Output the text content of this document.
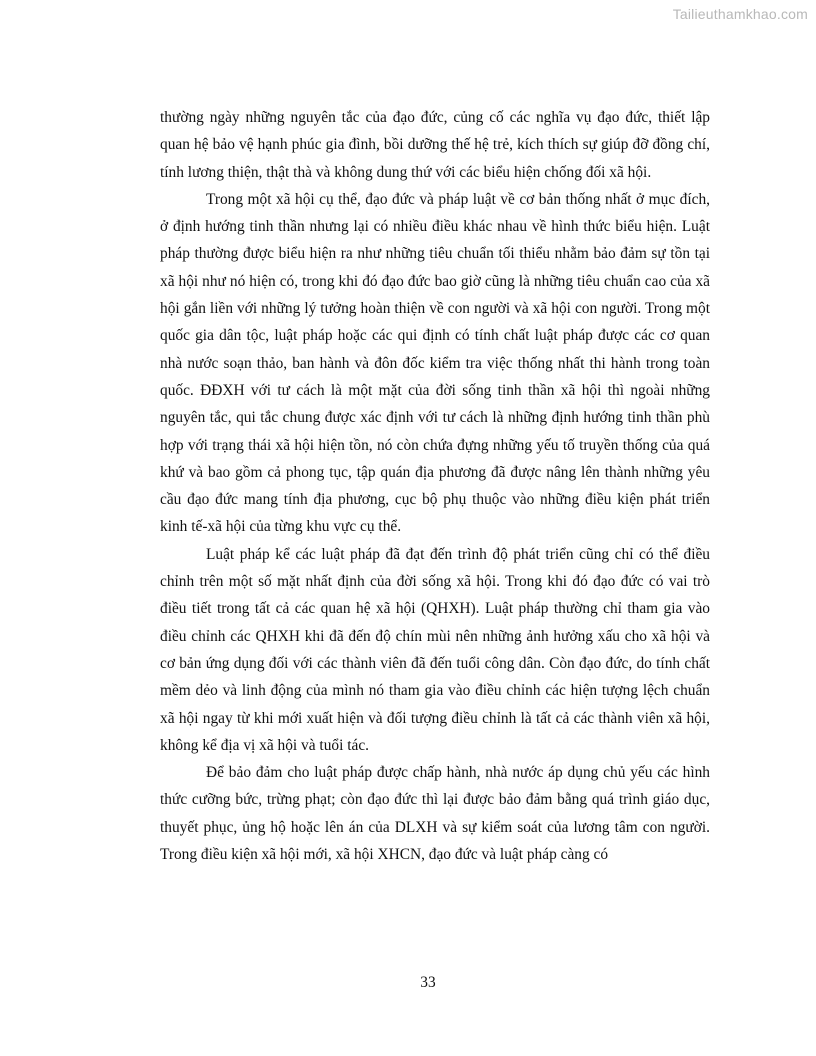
Tailieuthamkhao.com

thường ngày những nguyên tắc của đạo đức, củng cố các nghĩa vụ đạo đức, thiết lập quan hệ bảo vệ hạnh phúc gia đình, bồi dưỡng thế hệ trẻ, kích thích sự giúp đỡ đồng chí, tính lương thiện, thật thà và không dung thứ với các biểu hiện chống đối xã hội.

Trong một xã hội cụ thể, đạo đức và pháp luật về cơ bản thống nhất ở mục đích, ở định hướng tinh thần nhưng lại có nhiều điều khác nhau về hình thức biểu hiện. Luật pháp thường được biểu hiện ra như những tiêu chuẩn tối thiểu nhằm bảo đảm sự tồn tại xã hội như nó hiện có, trong khi đó đạo đức bao giờ cũng là những tiêu chuẩn cao của xã hội gắn liền với những lý tưởng hoàn thiện về con người và xã hội con người. Trong một quốc gia dân tộc, luật pháp hoặc các qui định có tính chất luật pháp được các cơ quan nhà nước soạn thảo, ban hành và đôn đốc kiểm tra việc thống nhất thi hành trong toàn quốc. ĐĐXH với tư cách là một mặt của đời sống tinh thần xã hội thì ngoài những nguyên tắc, qui tắc chung được xác định với tư cách là những định hướng tinh thần phù hợp với trạng thái xã hội hiện tồn, nó còn chứa đựng những yếu tố truyền thống của quá khứ và bao gồm cả phong tục, tập quán địa phương đã được nâng lên thành những yêu cầu đạo đức mang tính địa phương, cục bộ phụ thuộc vào những điều kiện phát triển kinh tế-xã hội của từng khu vực cụ thể.

Luật pháp kể các luật pháp đã đạt đến trình độ phát triển cũng chỉ có thể điều chỉnh trên một số mặt nhất định của đời sống xã hội. Trong khi đó đạo đức có vai trò điều tiết trong tất cả các quan hệ xã hội (QHXH). Luật pháp thường chỉ tham gia vào điều chỉnh các QHXH khi đã đến độ chín mùi nên những ảnh hưởng xấu cho xã hội và cơ bản ứng dụng đối với các thành viên đã đến tuổi công dân. Còn đạo đức, do tính chất mềm dẻo và linh động của mình nó tham gia vào điều chỉnh các hiện tượng lệch chuẩn xã hội ngay từ khi mới xuất hiện và đối tượng điều chỉnh là tất cả các thành viên xã hội, không kể địa vị xã hội và tuổi tác.

Để bảo đảm cho luật pháp được chấp hành, nhà nước áp dụng chủ yếu các hình thức cưỡng bức, trừng phạt; còn đạo đức thì lại được bảo đảm bằng quá trình giáo dục, thuyết phục, ủng hộ hoặc lên án của DLXH và sự kiểm soát của lương tâm con người. Trong điều kiện xã hội mới, xã hội XHCN, đạo đức và luật pháp càng có

33
